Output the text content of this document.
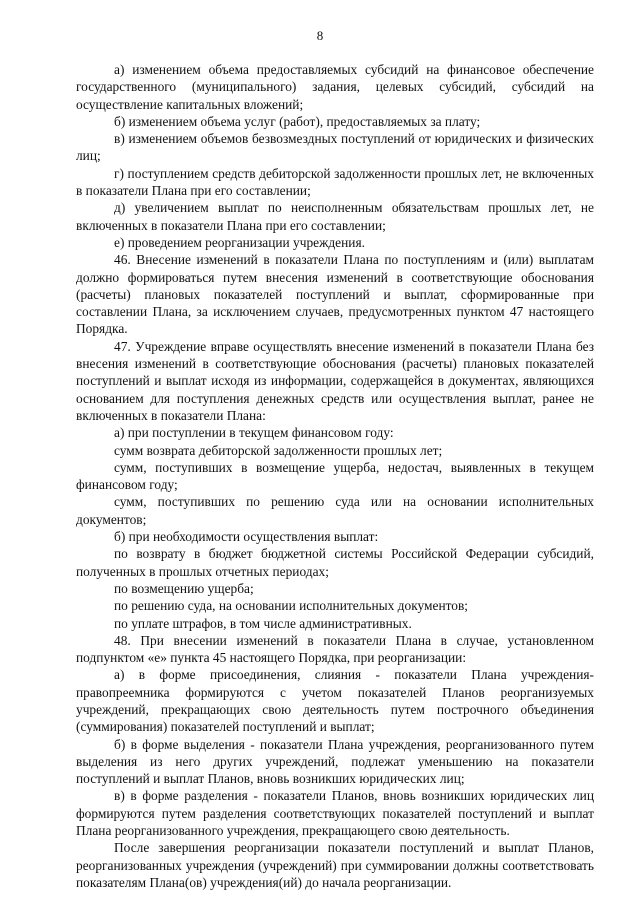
8

а) изменением объема предоставляемых субсидий на финансовое обеспечение государственного (муниципального) задания, целевых субсидий, субсидий на осуществление капитальных вложений;

б) изменением объема услуг (работ), предоставляемых за плату;

в) изменением объемов безвозмездных поступлений от юридических и физических лиц;

г) поступлением средств дебиторской задолженности прошлых лет, не включенных в показатели Плана при его составлении;

д) увеличением выплат по неисполненным обязательствам прошлых лет, не включенных в показатели Плана при его составлении;

е) проведением реорганизации учреждения.

46. Внесение изменений в показатели Плана по поступлениям и (или) выплатам должно формироваться путем внесения изменений в соответствующие обоснования (расчеты) плановых показателей поступлений и выплат, сформированные при составлении Плана, за исключением случаев, предусмотренных пунктом 47 настоящего Порядка.

47. Учреждение вправе осуществлять внесение изменений в показатели Плана без внесения изменений в соответствующие обоснования (расчеты) плановых показателей поступлений и выплат исходя из информации, содержащейся в документах, являющихся основанием для поступления денежных средств или осуществления выплат, ранее не включенных в показатели Плана:

а) при поступлении в текущем финансовом году:

сумм возврата дебиторской задолженности прошлых лет;

сумм, поступивших в возмещение ущерба, недостач, выявленных в текущем финансовом году;

сумм, поступивших по решению суда или на основании исполнительных документов;

б) при необходимости осуществления выплат:

по возврату в бюджет бюджетной системы Российской Федерации субсидий, полученных в прошлых отчетных периодах;

по возмещению ущерба;

по решению суда, на основании исполнительных документов;

по уплате штрафов, в том числе административных.

48. При внесении изменений в показатели Плана в случае, установленном подпунктом «е» пункта 45 настоящего Порядка, при реорганизации:

а) в форме присоединения, слияния - показатели Плана учреждения-правопреемника формируются с учетом показателей Планов реорганизуемых учреждений, прекращающих свою деятельность путем построчного объединения (суммирования) показателей поступлений и выплат;

б) в форме выделения - показатели Плана учреждения, реорганизованного путем выделения из него других учреждений, подлежат уменьшению на показатели поступлений и выплат Планов, вновь возникших юридических лиц;

в) в форме разделения - показатели Планов, вновь возникших юридических лиц формируются путем разделения соответствующих показателей поступлений и выплат Плана реорганизованного учреждения, прекращающего свою деятельность.

После завершения реорганизации показатели поступлений и выплат Планов, реорганизованных учреждения (учреждений) при суммировании должны соответствовать показателям Плана(ов) учреждения(ий) до начала реорганизации.
